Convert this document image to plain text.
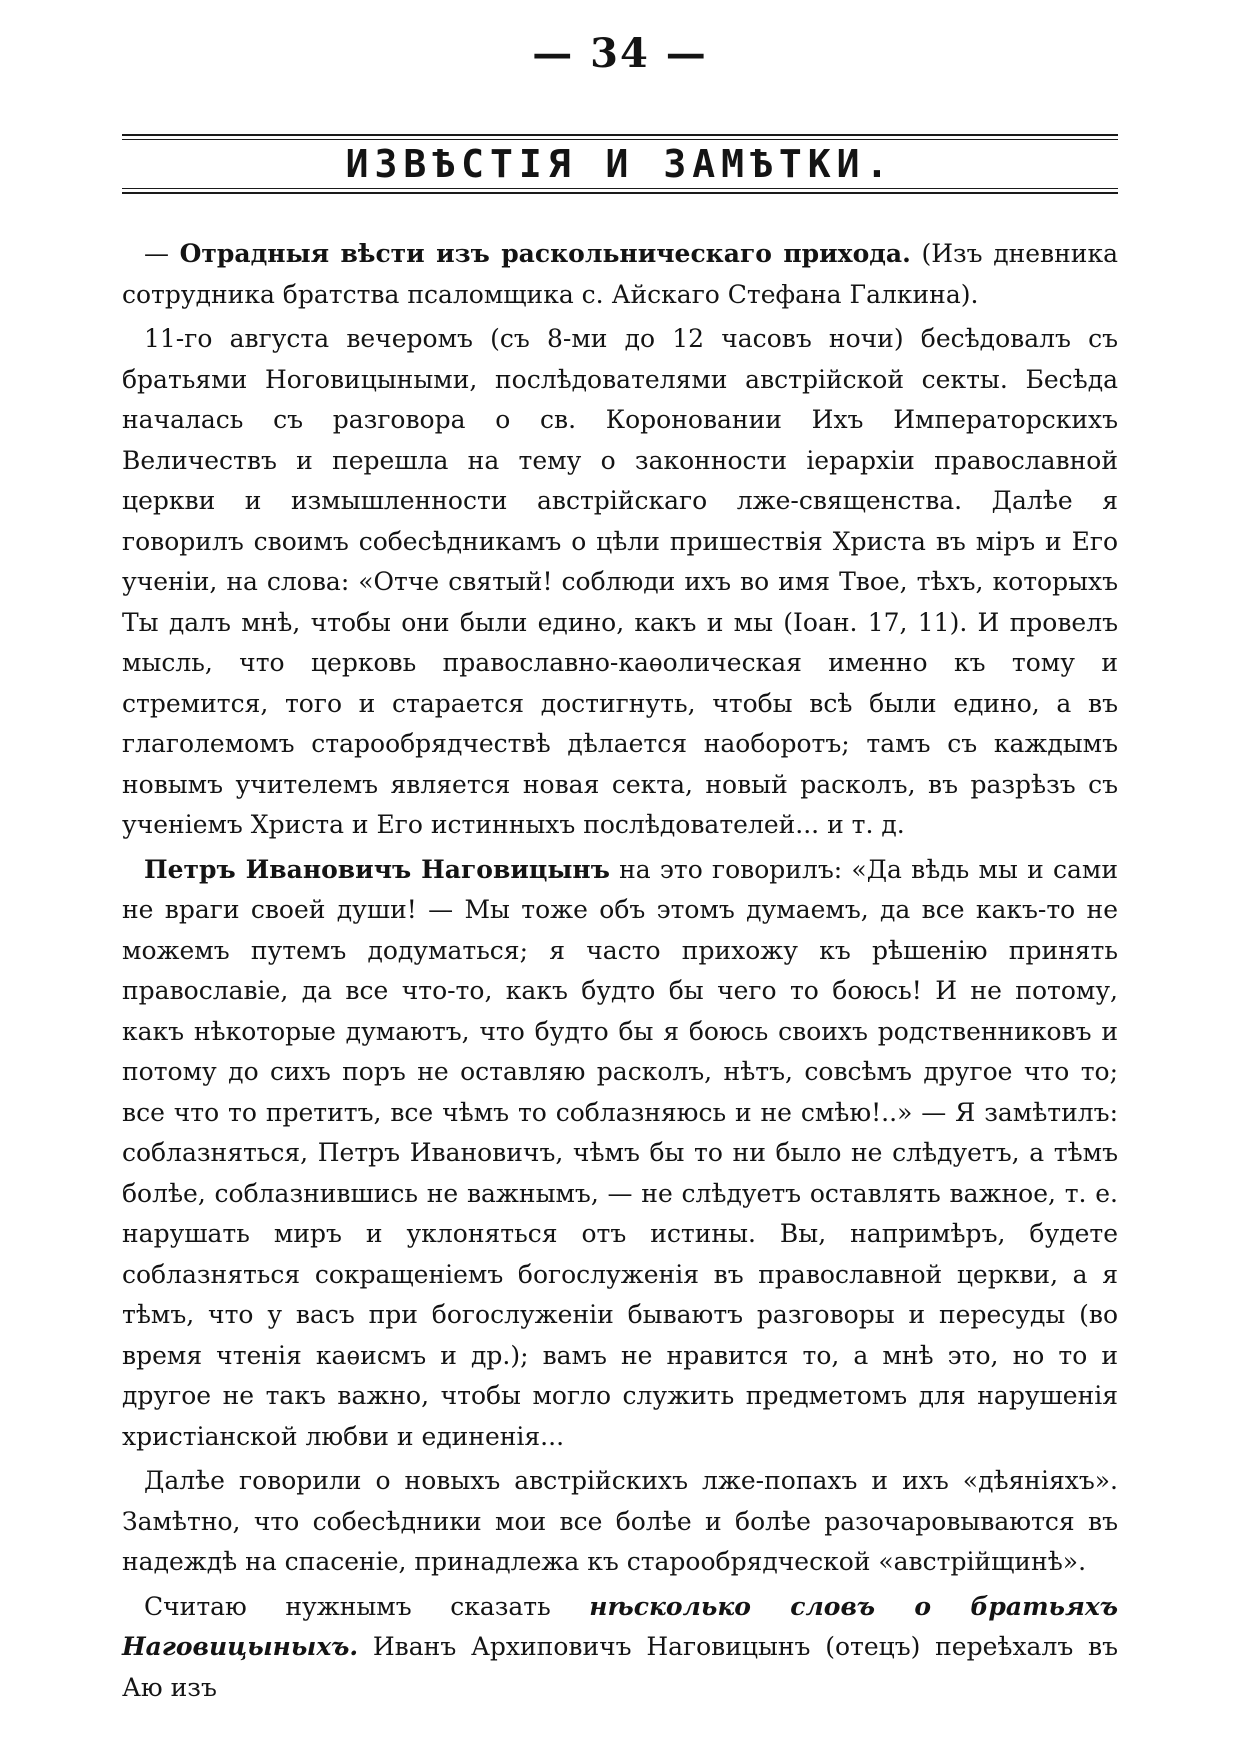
— 34 —
ИЗВѢСТІЯ И ЗАМѢТКИ.

— Отрадныя вѣсти изъ раскольническаго прихода. (Изъ дневника сотрудника братства псаломщика с. Айскаго Стефана Галкина).

11-го августа вечеромъ (съ 8-ми до 12 часовъ ночи) бесѣдовалъ съ братьями Ноговицыными, послѣдователями австрійской секты. Бесѣда началась съ разговора о св. Короновании Ихъ Императорскихъ Величествъ и перешла на тему о законности іерархіи православной церкви и измышленности австрійскаго лже-священства. Далѣе я говорилъ своимъ собесѣдникамъ о цѣли пришествія Христа въ міръ и Его ученіи, на слова: «Отче святый! соблюди ихъ во имя Твое, тѣхъ, которыхъ Ты далъ мнѣ, чтобы они были едино, какъ и мы (Іоан. 17, 11). И провелъ мысль, что церковь православно-каѳолическая именно къ тому и стремится, того и старается достигнуть, чтобы всѣ были едино, а въ глаголемомъ старообрядчествѣ дѣлается наоборотъ; тамъ съ каждымъ новымъ учителемъ является новая секта, новый расколъ, въ разрѣзъ съ ученіемъ Христа и Его истинныхъ послѣдователей... и т. д.

Петръ Ивановичъ Наговицынъ на это говорилъ: «Да вѣдь мы и сами не враги своей души! — Мы тоже объ этомъ думаемъ, да все какъ-то не можемъ путемъ додуматься; я часто прихожу къ рѣшенію принять православіе, да все что-то, какъ будто бы чего то боюсь! И не потому, какъ нѣкоторые думаютъ, что будто бы я боюсь своихъ родственниковъ и потому до сихъ поръ не оставляю расколъ, нѣтъ, совсѣмъ другое что то; все что то претитъ, все чѣмъ то соблазняюсь и не смѣю!..» — Я замѣтилъ: соблазняться, Петръ Ивановичъ, чѣмъ бы то ни было не слѣдуетъ, а тѣмъ болѣе, соблазнившись не важнымъ, — не слѣдуетъ оставлять важное, т. е. нарушать миръ и уклоняться отъ истины. Вы, напримѣръ, будете соблазняться сокращеніемъ богослуженія въ православной церкви, а я тѣмъ, что у васъ при богослуженіи бываютъ разговоры и пересуды (во время чтенія каѳисмъ и др.); вамъ не нравится то, а мнѣ это, но то и другое не такъ важно, чтобы могло служить предметомъ для нарушенія христіанской любви и единенія...

Далѣе говорили о новыхъ австрійскихъ лже-попахъ и ихъ «дѣяніяхъ». Замѣтно, что собесѣдники мои все болѣе и болѣе разочаровываются въ надеждѣ на спасеніе, принадлежа къ старообрядческой «австрійщинѣ».

Считаю нужнымъ сказать нѣсколько словъ о братьяхъ Наговицыныхъ. Иванъ Архиповичъ Наговицынъ (отецъ) переѣхалъ въ Аю изъ
